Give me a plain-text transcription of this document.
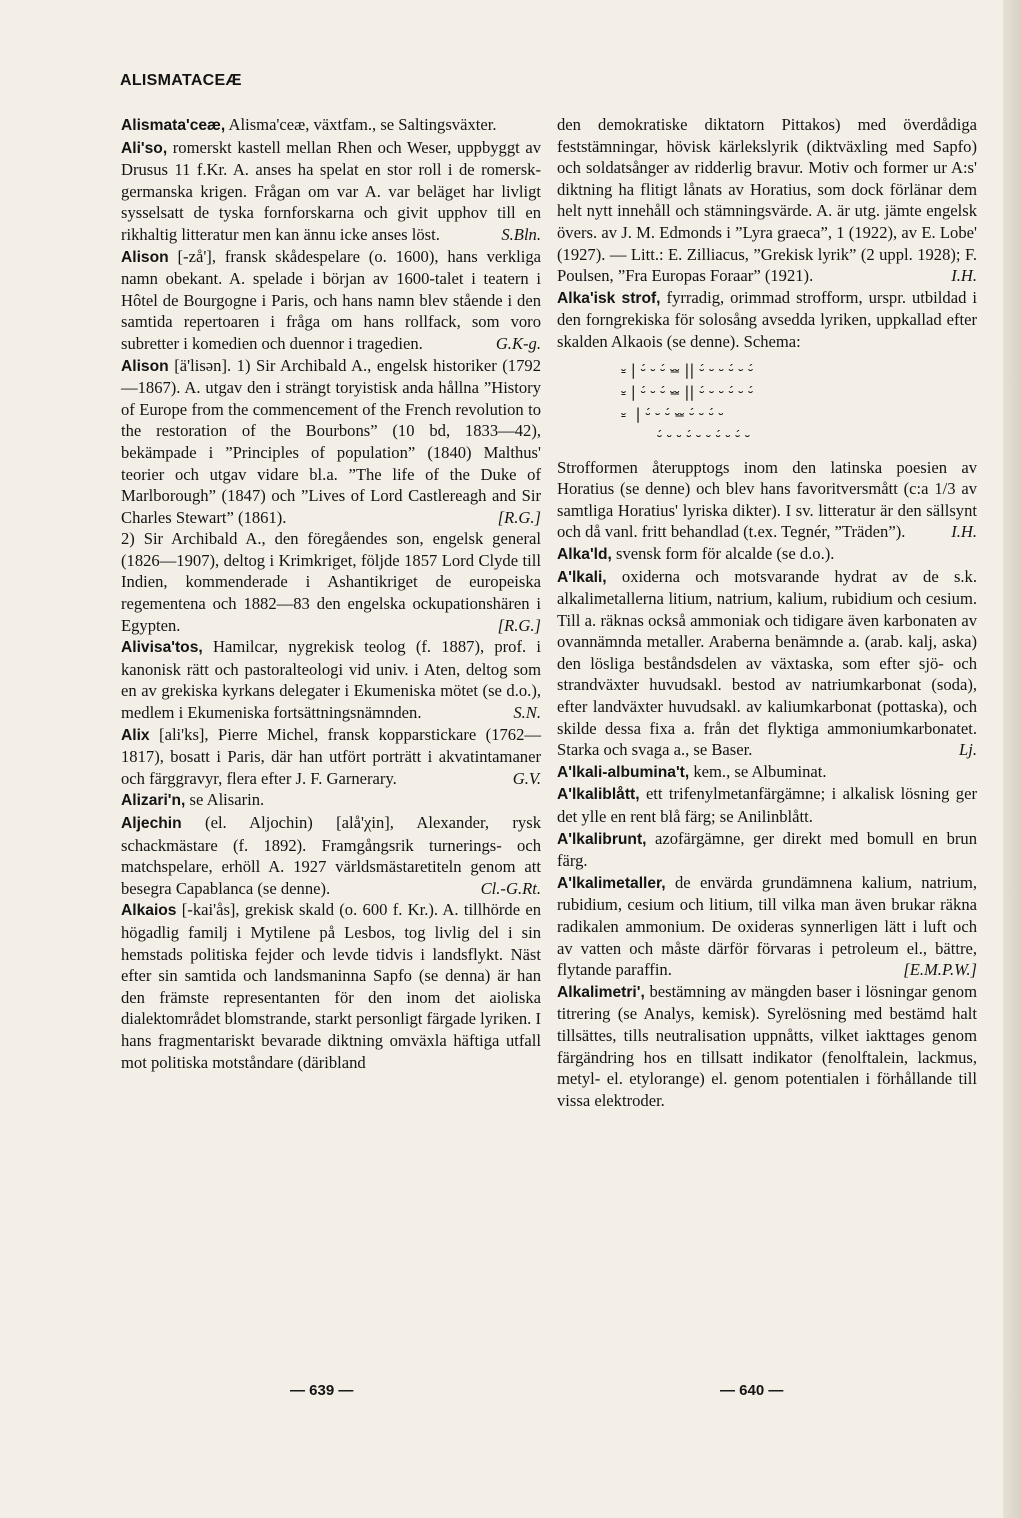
ALISMATACEÆ

Alismata'ceæ, Alisma'ceæ, växtfam., se Saltingsväxter.

Ali'so, romerskt kastell mellan Rhen och Weser, uppbyggt av Drusus 11 f.Kr. A. anses ha spelat en stor roll i de romersk-germanska krigen. Frågan om var A. var beläget har livligt sysselsatt de tyska fornforskarna och givit upphov till en rikhaltig litteratur men kan ännu icke anses löst.	S.Bln.

Alison [-zå'], fransk skådespelare (o. 1600), hans verkliga namn obekant. A. spelade i början av 1600-talet i teatern i Hôtel de Bourgogne i Paris, och hans namn blev stående i den samtida repertoaren i fråga om hans rollfack, som voro subretter i komedien och duennor i tragedien.	G.K-g.

Alison [ä'lisən]. 1) Sir Archibald A., engelsk historiker (1792—1867). A. utgav den i strängt toryistisk anda hållna ”History of Europe from the commencement of the French revolution to the restoration of the Bourbons” (10 bd, 1833—42), bekämpade i ”Principles of population” (1840) Malthus' teorier och utgav vidare bl.a. ”The life of the Duke of Marlborough” (1847) och ”Lives of Lord Castlereagh and Sir Charles Stewart” (1861).	[R.G.]

2) Sir Archibald A., den föregåendes son, engelsk general (1826—1907), deltog i Krimkriget, följde 1857 Lord Clyde till Indien, kommenderade i Ashantikriget de europeiska regementena och 1882—83 den engelska ockupationshären i Egypten.	[R.G.]

Alivisa'tos, Hamilcar, nygrekisk teolog (f. 1887), prof. i kanonisk rätt och pastoralteologi vid univ. i Aten, deltog som en av grekiska kyrkans delegater i Ekumeniska mötet (se d.o.), medlem i Ekumeniska fortsättningsnämnden.	S.N.

Alix [ali'ks], Pierre Michel, fransk kopparstickare (1762—1817), bosatt i Paris, där han utfört porträtt i akvatintamaner och färggravyr, flera efter J. F. Garnerary.	G.V.

Alizari'n, se Alisarin.

Aljechin (el. Aljochin) [alå'χin], Alexander, rysk schackmästare (f. 1892). Framgångsrik turnerings- och matchspelare, erhöll A. 1927 världsmästaretiteln genom att besegra Capablanca (se denne).	Cl.-G.Rt.

Alkaios [-kai'ås], grekisk skald (o. 600 f. Kr.). A. tillhörde en högadlig familj i Mytilene på Lesbos, tog livlig del i sin hemstads politiska fejder och levde tidvis i landsflykt. Näst efter sin samtida och landsmaninna Sapfo (se denna) är han den främste representanten för den inom det aioliska dialektområdet blomstrande, starkt personligt färgade lyriken. I hans fragmentariskt bevarade diktning omväxla häftiga utfall mot politiska motståndare (däribland

den demokratiske diktatorn Pittakos) med överdådiga feststämningar, hövisk kärlekslyrik (diktväxling med Sapfo) och soldatsånger av ridderlig bravur. Motiv och former ur A:s' diktning ha flitigt lånats av Horatius, som dock förlänar dem helt nytt innehåll och stämningsvärde. A. är utg. jämte engelsk övers. av J. M. Edmonds i ”Lyra graeca”, 1 (1922), av E. Lobe' (1927). — Litt.: E. Zilliacus, ”Grekisk lyrik” (2 uppl. 1928); F. Poulsen, ”Fra Europas Foraar” (1921).	I.H.

Alka'isk strof, fyrradig, orimmad strofform, urspr. utbildad i den forngrekiska för solosång avsedda lyriken, uppkallad efter skalden Alkaois (se denne). Schema:

⏓ | ⏑́ ⏑ ⏑́ ⏕ || ⏑́ ⏑ ⏑ ⏑́ ⏑ ⏑́
⏓ | ⏑́ ⏑ ⏑́ ⏕ || ⏑́ ⏑ ⏑ ⏑́ ⏑ ⏑́
⏓  | ⏑́ ⏑ ⏑́ ⏕ ⏑́ ⏑ ⏑́ ⏑
⏑́ ⏑ ⏑ ⏑́ ⏑ ⏑ ⏑́ ⏑ ⏑́ ⏑

Strofformen återupptogs inom den latinska poesien av Horatius (se denne) och blev hans favoritversmått (c:a 1/3 av samtliga Horatius' lyriska dikter). I sv. litteratur är den sällsynt och då vanl. fritt behandlad (t.ex. Tegnér, ”Träden”).	I.H.

Alka'ld, svensk form för alcalde (se d.o.).

A'lkali, oxiderna och motsvarande hydrat av de s.k. alkalimetallerna litium, natrium, kalium, rubidium och cesium. Till a. räknas också ammoniak och tidigare även karbonaten av ovannämnda metaller. Araberna benämnde a. (arab. kalj, aska) den lösliga beståndsdelen av växtaska, som efter sjö- och strandväxter huvudsakl. bestod av natriumkarbonat (soda), efter landväxter huvudsakl. av kaliumkarbonat (pottaska), och skilde dessa fixa a. från det flyktiga ammoniumkarbonatet. Starka och svaga a., se Baser.	Lj.

A'lkali-albumina't, kem., se Albuminat.

A'lkaliblått, ett trifenylmetanfärgämne; i alkalisk lösning ger det ylle en rent blå färg; se Anilinblått.

A'lkalibrunt, azofärgämne, ger direkt med bomull en brun färg.

A'lkalimetaller, de envärda grundämnena kalium, natrium, rubidium, cesium och litium, till vilka man även brukar räkna radikalen ammonium. De oxideras synnerligen lätt i luft och av vatten och måste därför förvaras i petroleum el., bättre, flytande paraffin.	[E.M.P.W.]

Alkalimetri', bestämning av mängden baser i lösningar genom titrering (se Analys, kemisk). Syrelösning med bestämd halt tillsättes, tills neutralisation uppnåtts, vilket iakttages genom färgändring hos en tillsatt indikator (fenolftalein, lackmus, metyl- el. etylorange) el. genom potentialen i förhållande till vissa elektroder.

— 639 —	— 640 —
